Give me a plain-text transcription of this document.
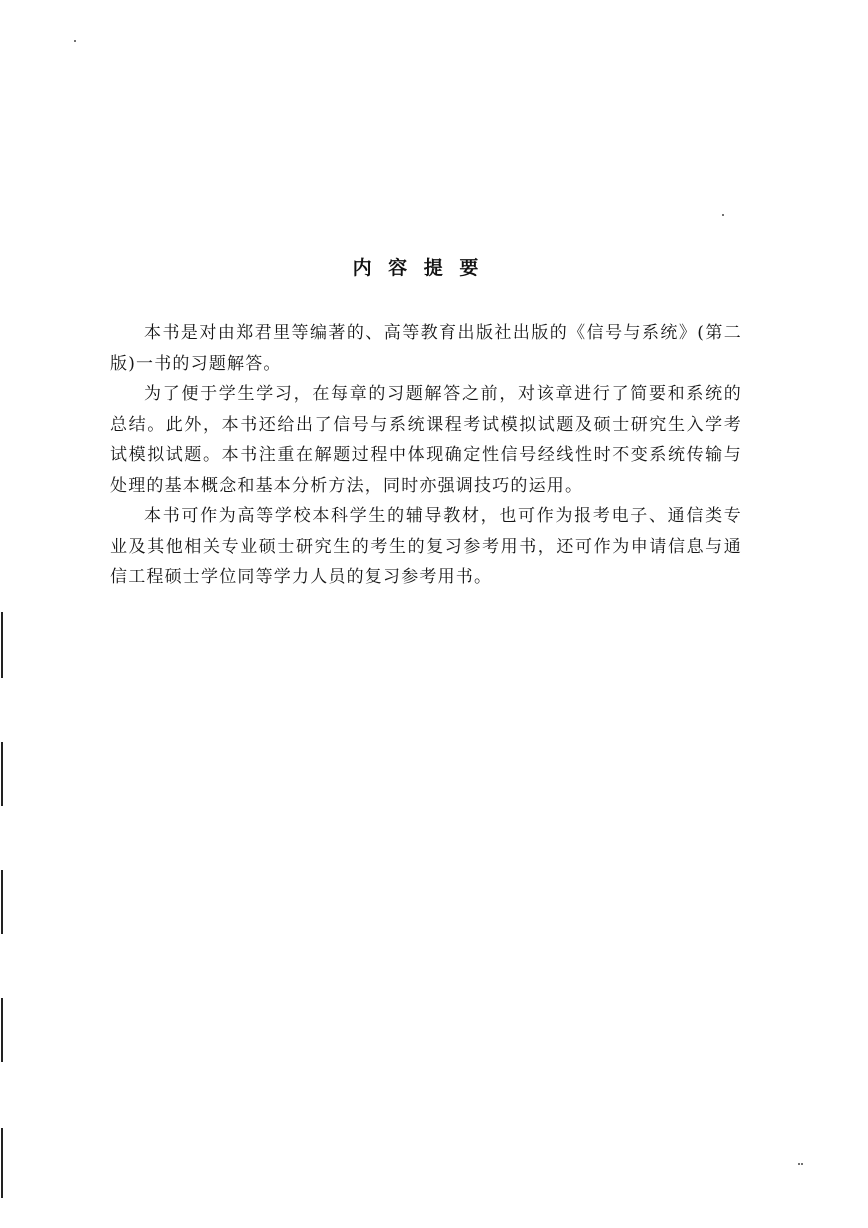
内 容 提 要

本书是对由郑君里等编著的、高等教育出版社出版的《信号与系统》(第二版)一书的习题解答。

为了便于学生学习，在每章的习题解答之前，对该章进行了简要和系统的总结。此外，本书还给出了信号与系统课程考试模拟试题及硕士研究生入学考试模拟试题。本书注重在解题过程中体现确定性信号经线性时不变系统传输与处理的基本概念和基本分析方法，同时亦强调技巧的运用。

本书可作为高等学校本科学生的辅导教材，也可作为报考电子、通信类专业及其他相关专业硕士研究生的考生的复习参考用书，还可作为申请信息与通信工程硕士学位同等学力人员的复习参考用书。
